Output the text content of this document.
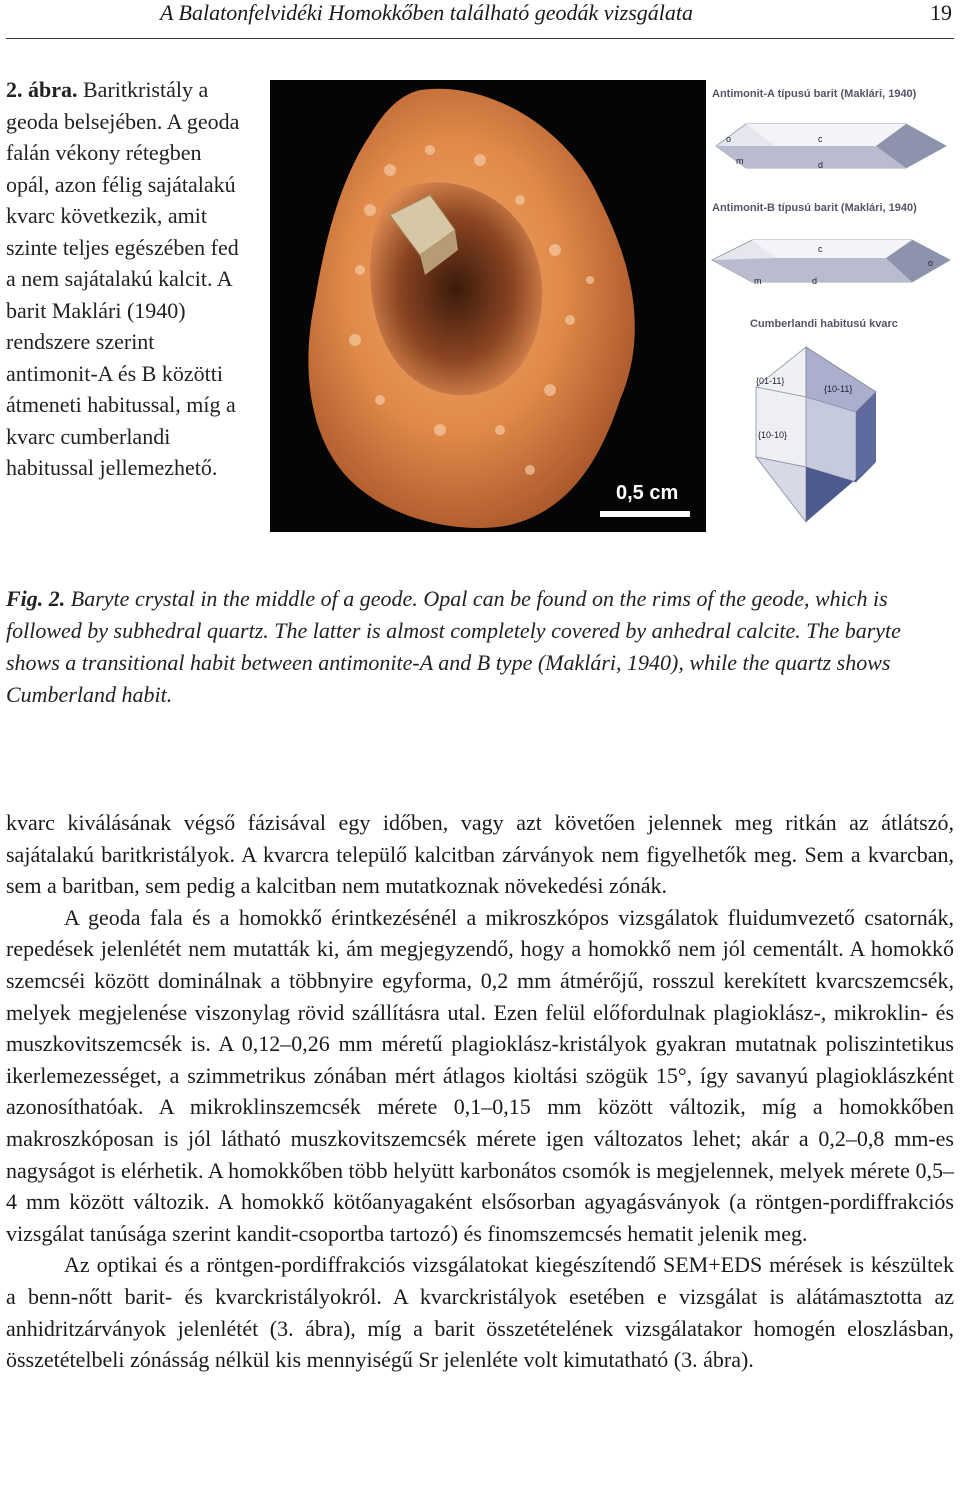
A Balatonfelvidéki Homokkőben található geodák vizsgálata	19
2. ábra. Baritkristály a geoda belsejében. A geoda falán vékony rétegben opál, azon félig sajátalakú kvarc következik, amit szinte teljes egészében fed a nem sajátalakú kalcit. A barit Maklári (1940) rendszere szerint antimonit-A és B közötti átmeneti habitussal, míg a kvarc cumberlandi habitussal jellemezhető.
0,5 cm
Antimonit-A típusú barit (Maklári, 1940)
o	c
m	d
Antimonit-B típusú barit (Maklári, 1940)
c
o
m	d
Cumberlandi habitusú kvarc
{01-11}
{10-11}
{10-10}
Fig. 2. Baryte crystal in the middle of a geode. Opal can be found on the rims of the geode, which is followed by subhedral quartz. The latter is almost completely covered by anhedral calcite. The baryte shows a transitional habit between antimonite-A and B type (Maklári, 1940), while the quartz shows Cumberland habit.

kvarc kiválásának végső fázisával egy időben, vagy azt követően jelennek meg ritkán az átlátszó, sajátalakú baritkristályok. A kvarcra települő kalcitban zárványok nem figyelhetők meg. Sem a kvarcban, sem a baritban, sem pedig a kalcitban nem mutatkoznak növekedési zónák.

A geoda fala és a homokkő érintkezésénél a mikroszkópos vizsgálatok fluidumvezető csatornák, repedések jelenlétét nem mutatták ki, ám megjegyzendő, hogy a homokkő nem jól cementált. A homokkő szemcséi között dominálnak a többnyire egyforma, 0,2 mm átmérőjű, rosszul kerekített kvarcszemcsék, melyek megjelenése viszonylag rövid szállításra utal. Ezen felül előfordulnak plagioklász-, mikroklin- és muszkovitszemcsék is. A 0,12–0,26 mm méretű plagioklász-kristályok gyakran mutatnak poliszintetikus ikerlemezességet, a szimmetrikus zónában mért átlagos kioltási szögük 15°, így savanyú plagioklászként azonosíthatóak. A mikroklinszemcsék mérete 0,1–0,15 mm között változik, míg a homokkőben makroszkóposan is jól látható muszkovitszemcsék mérete igen változatos lehet; akár a 0,2–0,8 mm-es nagyságot is elérhetik. A homokkőben több helyütt karbonátos csomók is megjelennek, melyek mérete 0,5–4 mm között változik. A homokkő kötőanyagaként elsősorban agyagásványok (a röntgen-pordiffrakciós vizsgálat tanúsága szerint kandit-csoportba tartozó) és finomszemcsés hematit jelenik meg.

Az optikai és a röntgen-pordiffrakciós vizsgálatokat kiegészítendő SEM+EDS mérések is készültek a benn-nőtt barit- és kvarckristályokról. A kvarckristályok esetében e vizsgálat is alátámasztotta az anhidritzárványok jelenlétét (3. ábra), míg a barit összetételének vizsgálatakor homogén eloszlásban, összetételbeli zónásság nélkül kis mennyiségű Sr jelenléte volt kimutatható (3. ábra).
